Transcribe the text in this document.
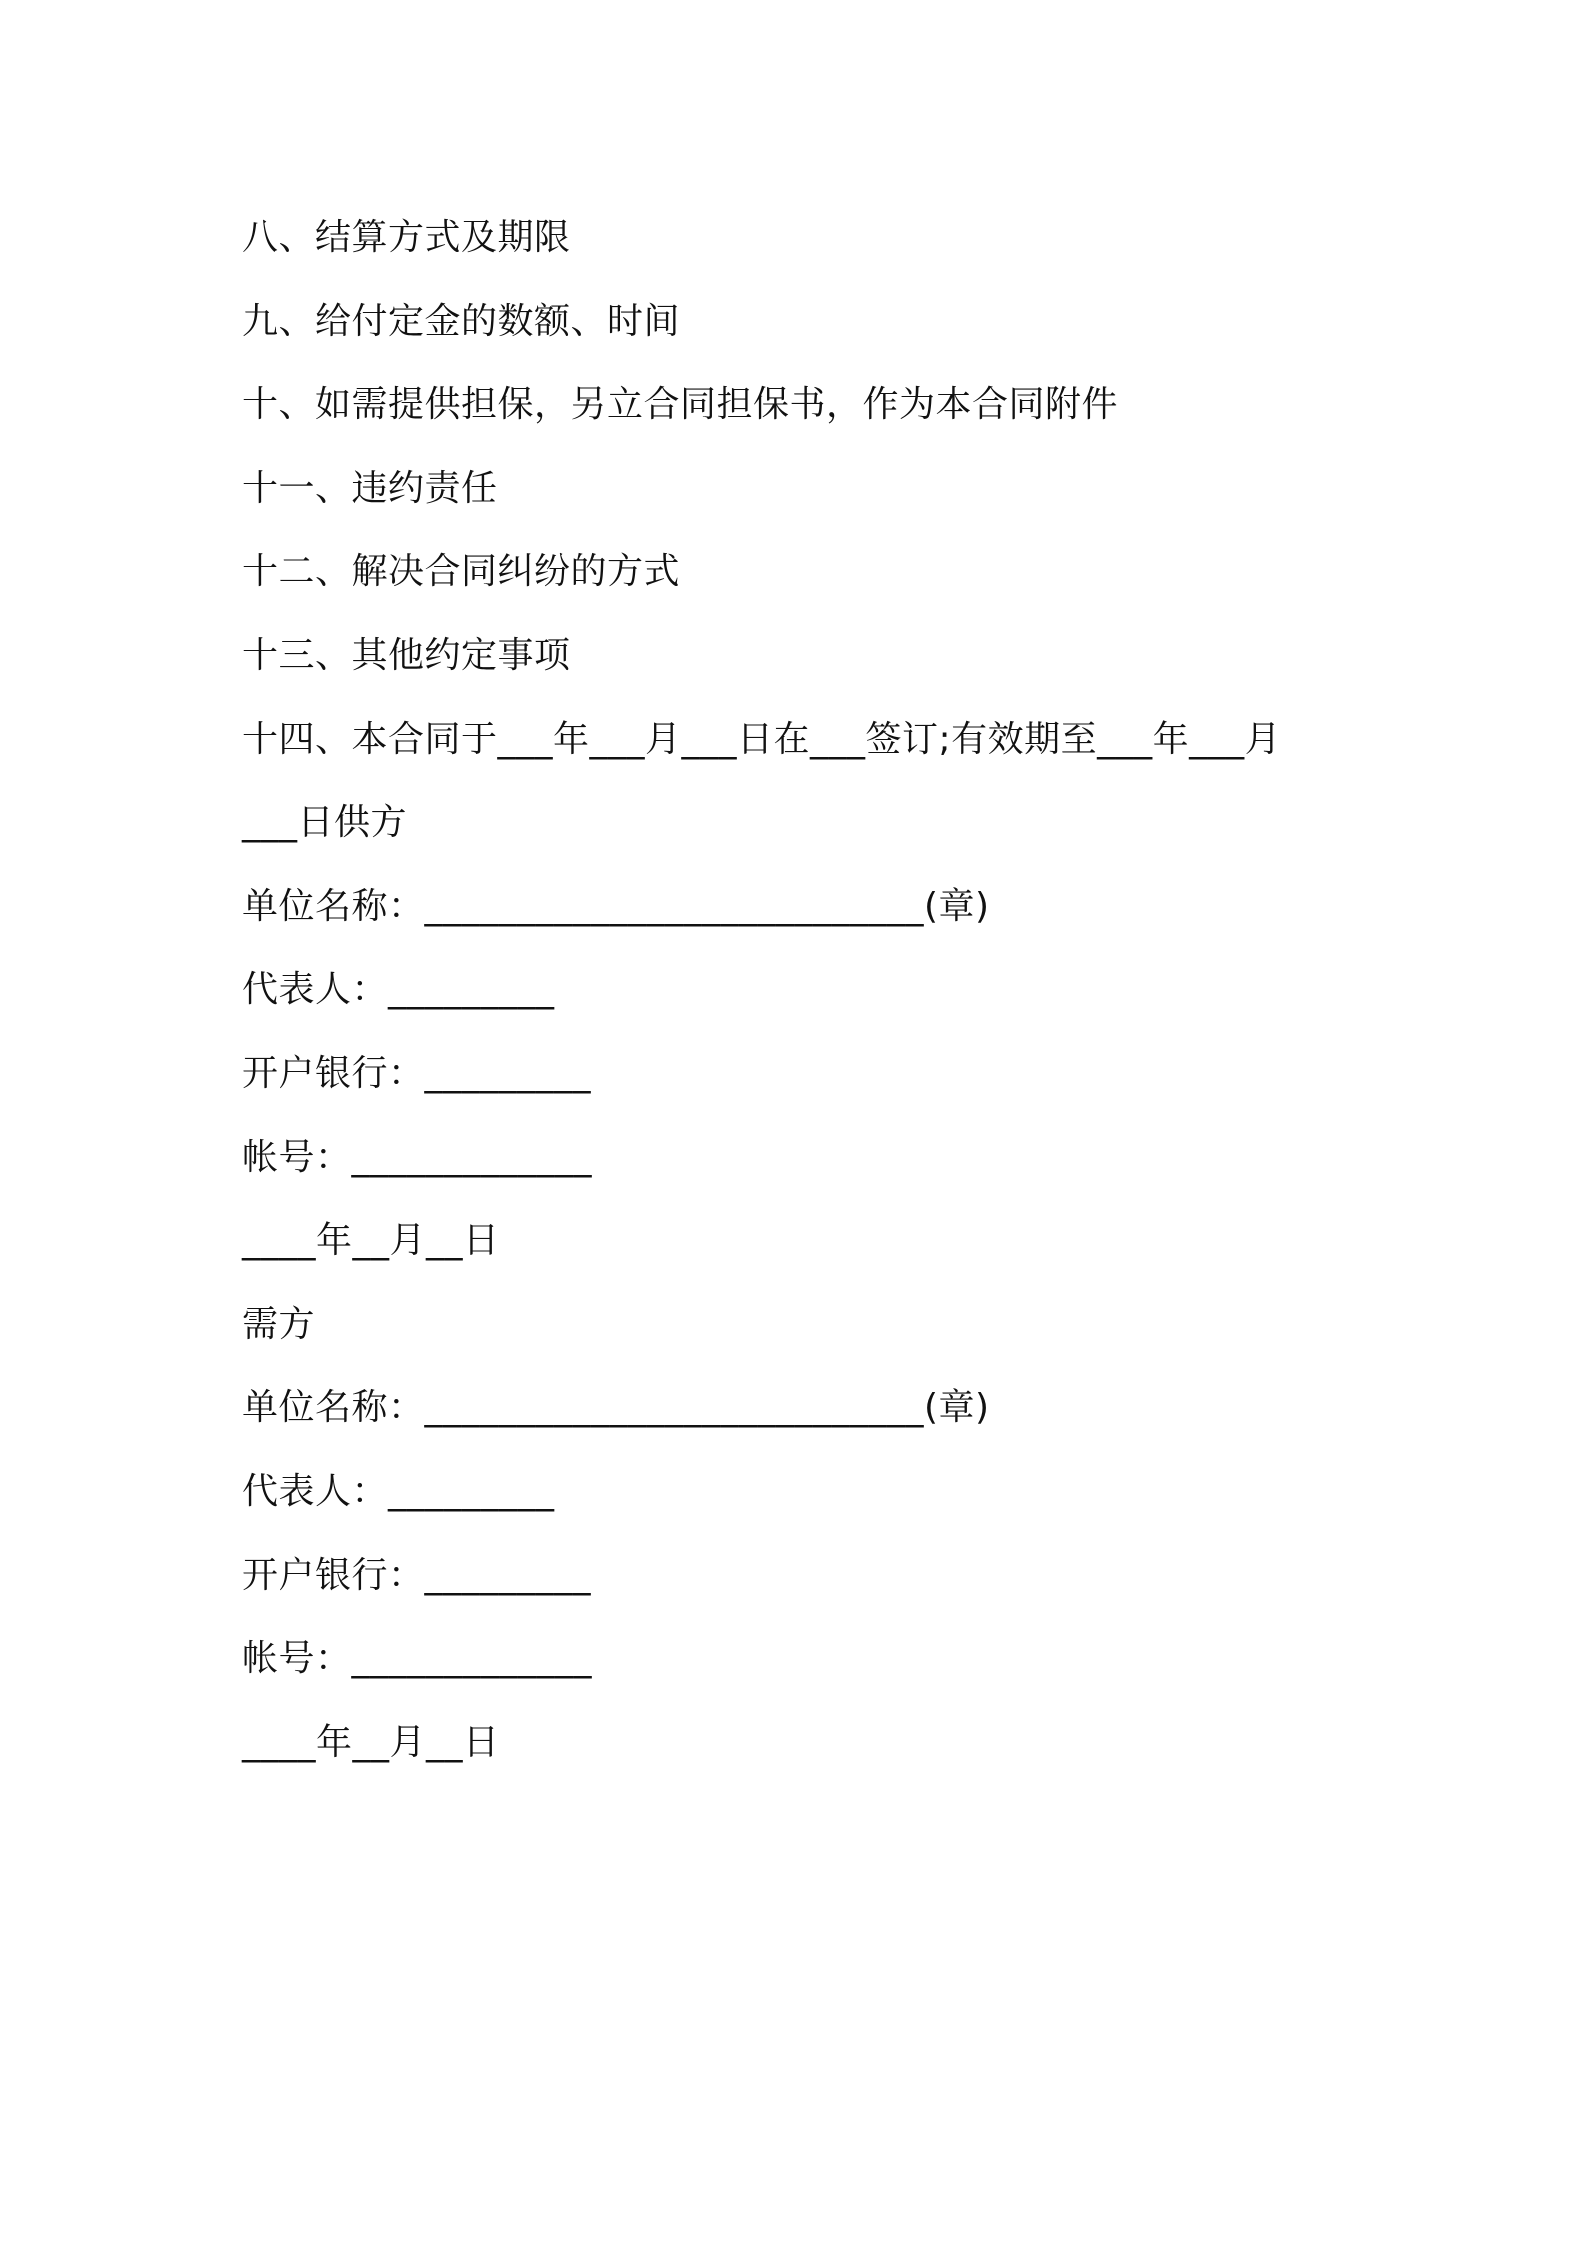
八、结算方式及期限
九、给付定金的数额、时间
十、如需提供担保，另立合同担保书，作为本合同附件
十一、违约责任
十二、解决合同纠纷的方式
十三、其他约定事项
十四、本合同于___年___月___日在___签订;有效期至___年___月
___日供方
单位名称：___________________________(章)
代表人：_________
开户银行：_________
帐号：_____________
____年__月__日
需方
单位名称：___________________________(章)
代表人：_________
开户银行：_________
帐号：_____________
____年__月__日
